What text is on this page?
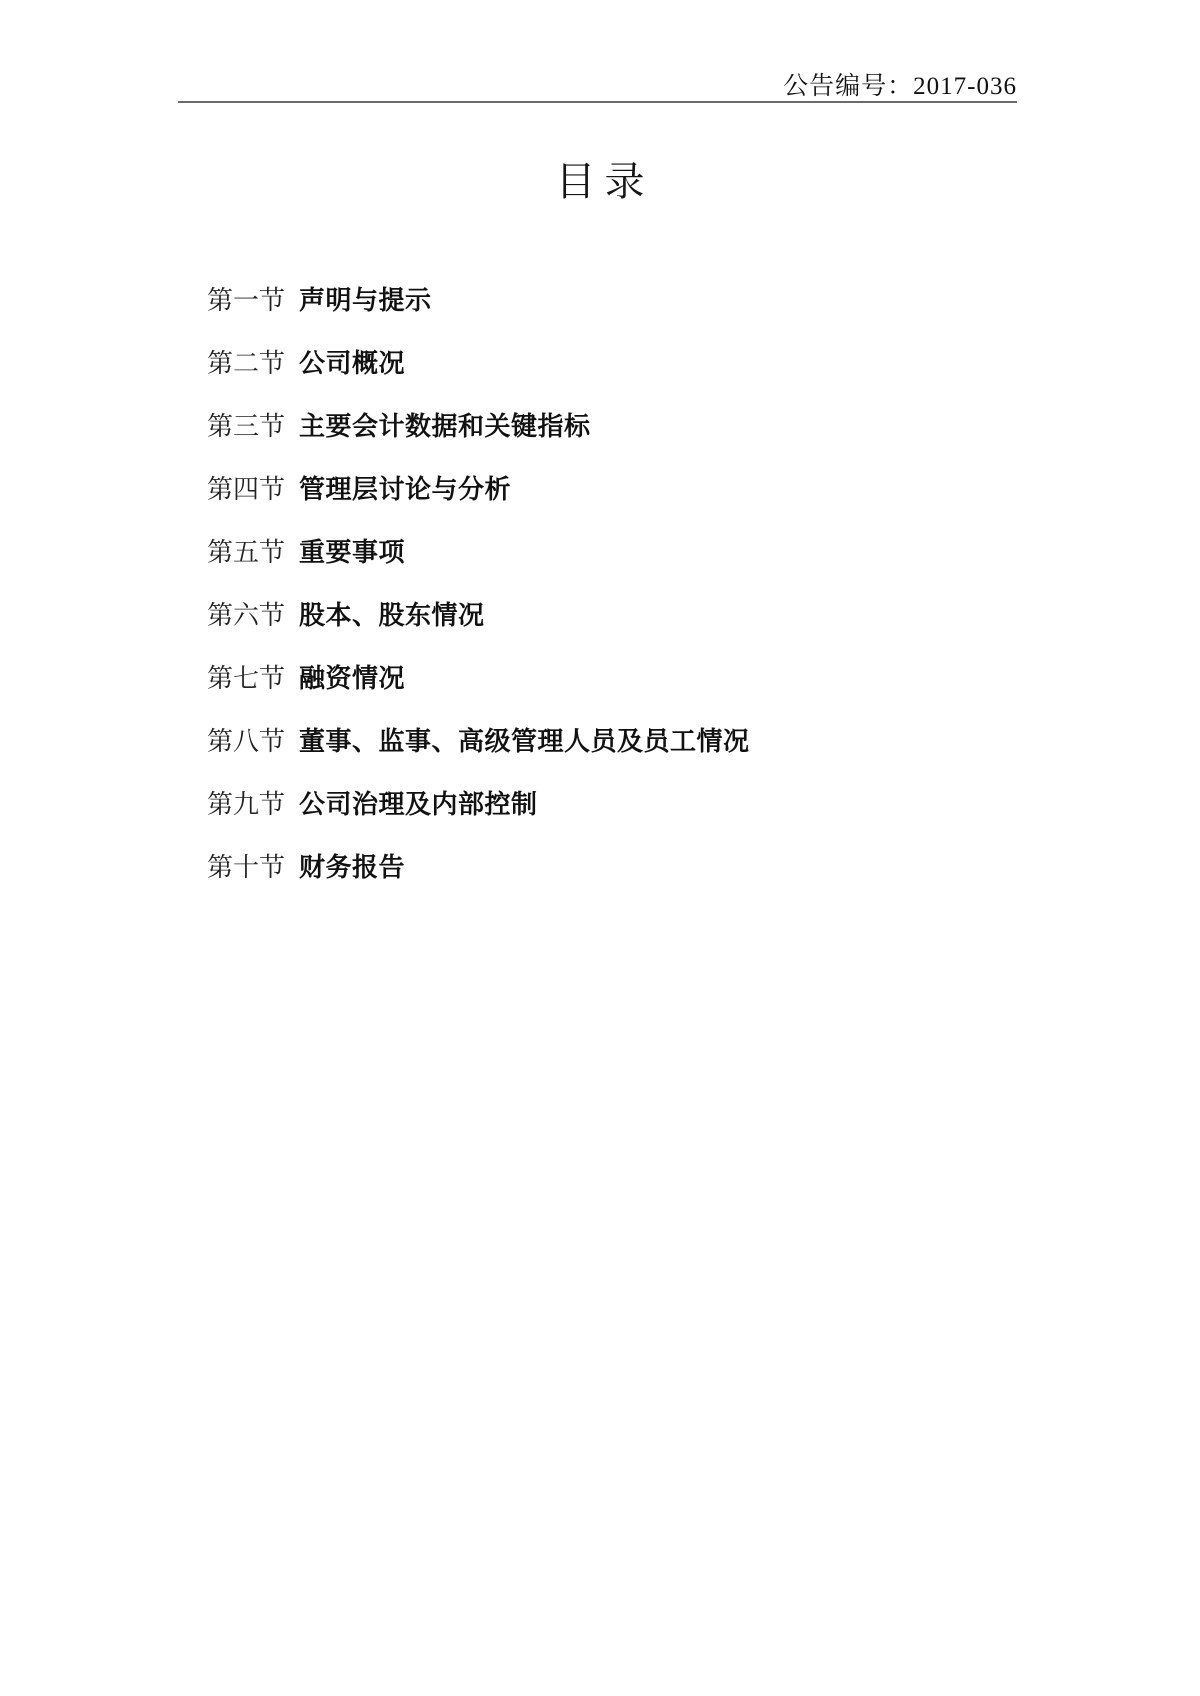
公告编号：2017-036
目录
第一节 声明与提示
第二节 公司概况
第三节 主要会计数据和关键指标
第四节 管理层讨论与分析
第五节 重要事项
第六节 股本、股东情况
第七节 融资情况
第八节 董事、监事、高级管理人员及员工情况
第九节 公司治理及内部控制
第十节 财务报告
